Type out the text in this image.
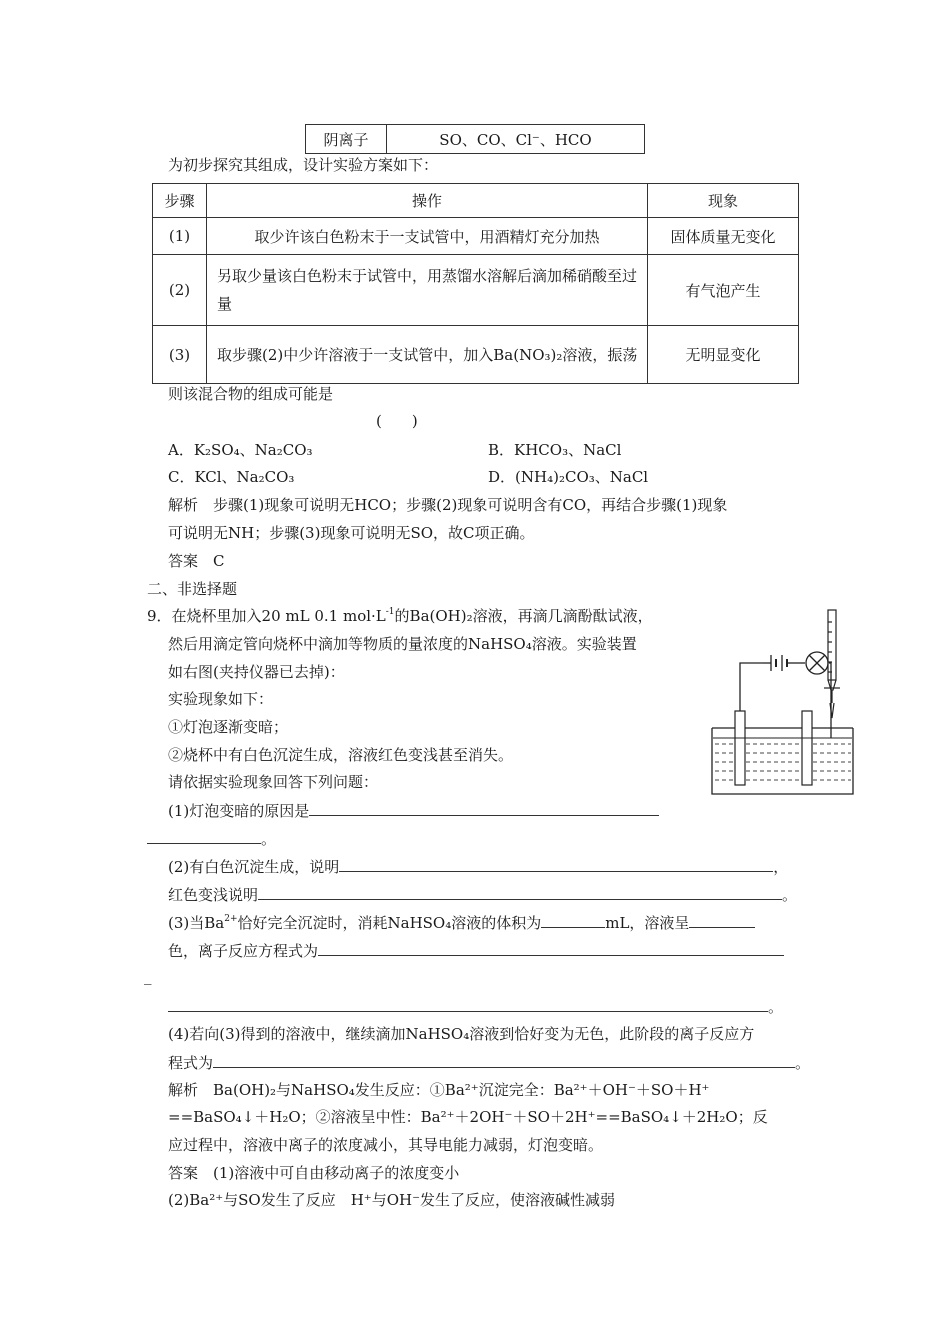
阴离子	SO、CO、Cl⁻、HCO
为初步探究其组成，设计实验方案如下：
步骤	操作	现象
(1)	取少许该白色粉末于一支试管中，用酒精灯充分加热	固体质量无变化
(2)	另取少量该白色粉末于试管中，用蒸馏水溶解后滴加稀硝酸至过量	有气泡产生
(3)	取步骤(2)中少许溶液于一支试管中，加入Ba(NO₃)₂溶液，振荡	无明显变化
则该混合物的组成可能是
(　　)
A．K₂SO₄、Na₂CO₃	B．KHCO₃、NaCl
C．KCl、Na₂CO₃	D．(NH₄)₂CO₃、NaCl
解析　步骤(1)现象可说明无HCO；步骤(2)现象可说明含有CO，再结合步骤(1)现象
可说明无NH；步骤(3)现象可说明无SO，故C项正确。
答案　C
二、非选择题
9．在烧杯里加入20 mL 0.1 $mol\cdot L^{-1}$的Ba(OH)₂溶液，再滴几滴酚酞试液，
然后用滴定管向烧杯中滴加等物质的量浓度的NaHSO₄溶液。实验装置
如右图(夹持仪器已去掉)：
实验现象如下：
①灯泡逐渐变暗；
②烧杯中有白色沉淀生成，溶液红色变浅甚至消失。
请依据实验现象回答下列问题：
(1)灯泡变暗的原因是
。
(2)有白色沉淀生成，说明	，
红色变浅说明	。
(3)当$Ba^{2+}$恰好完全沉淀时，消耗NaHSO₄溶液的体积为	mL，溶液呈
色，离子反应方程式为
_
。
(4)若向(3)得到的溶液中，继续滴加NaHSO₄溶液到恰好变为无色，此阶段的离子反应方
程式为	。
解析　Ba(OH)₂与NaHSO₄发生反应：①Ba²⁺沉淀完全：Ba²⁺＋OH⁻＋SO＋H⁺
==BaSO₄↓＋H₂O；②溶液呈中性：Ba²⁺＋2OH⁻＋SO＋2H⁺==BaSO₄↓＋2H₂O；反
应过程中，溶液中离子的浓度减小，其导电能力减弱，灯泡变暗。
答案　(1)溶液中可自由移动离子的浓度变小
(2)Ba²⁺与SO发生了反应　H⁺与OH⁻发生了反应，使溶液碱性减弱
